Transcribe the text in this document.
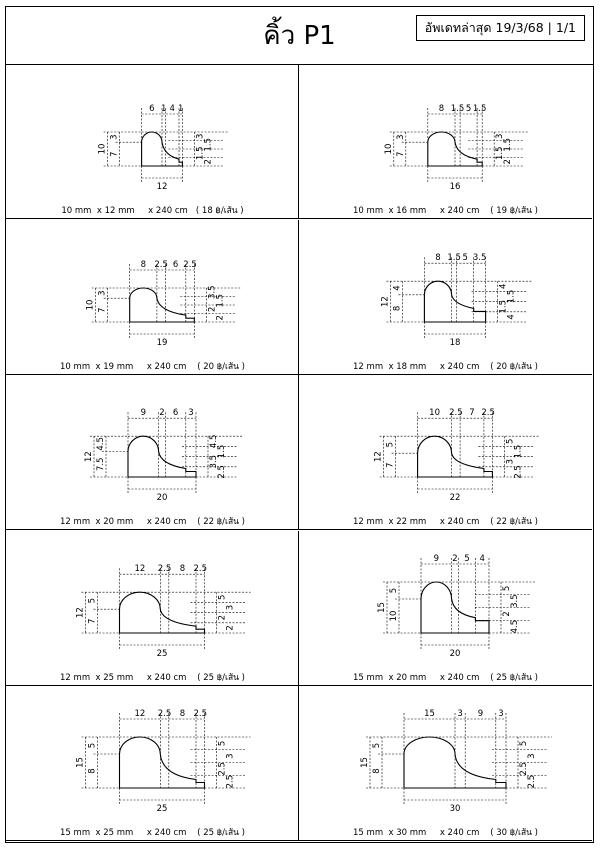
คิ้ว P1	อัพเดทล่าสุด 19/3/68 | 1/1
6 1 4 1
10
3
7
3
1.5
1.5
2
12
10 mm  x 12 mm     x 240 cm   ( 18 ฿/เส้น )
8 1.5 5 1.5
10
3
7
3
1.5
1.5
2
16
10 mm  x 16 mm     x 240 cm    ( 19 ฿/เส้น )
8 2.5 6 2.5
10
3
7
3.5
1.5
2
2
19
10 mm  x 19 mm     x 240 cm    ( 20 ฿/เส้น )
8 1.5 5 3.5
12
4
8
4
1.5
1.5
4
18
12 mm  x 18 mm     x 240 cm    ( 20 ฿/เส้น )
9 2 6 3
12
4.5
7.5
4.5
1.5
3.5
2.5
20
12 mm  x 20 mm     x 240 cm    ( 22 ฿/เส้น )
10 2.5 7 2.5
12
5
7
5
1.5
3
2.5
22
12 mm  x 22 mm     x 240 cm    ( 22 ฿/เส้น )
12 2.5 8 2.5
12
5
7
5
3
2
2
25
12 mm  x 25 mm     x 240 cm    ( 25 ฿/เส้น )
9 2 5 4
15
5
10
5
3.5
2
4.5
20
15 mm  x 20 mm     x 240 cm    ( 25 ฿/เส้น )
12 2.5 8 2.5
15
5
8
5
3
2.5
2.5
25
15 mm  x 25 mm     x 240 cm    ( 25 ฿/เส้น )
15	3 9 3
15
5
8
5
3
2.5
2.5
30
15 mm  x 30 mm     x 240 cm    ( 30 ฿/เส้น )
